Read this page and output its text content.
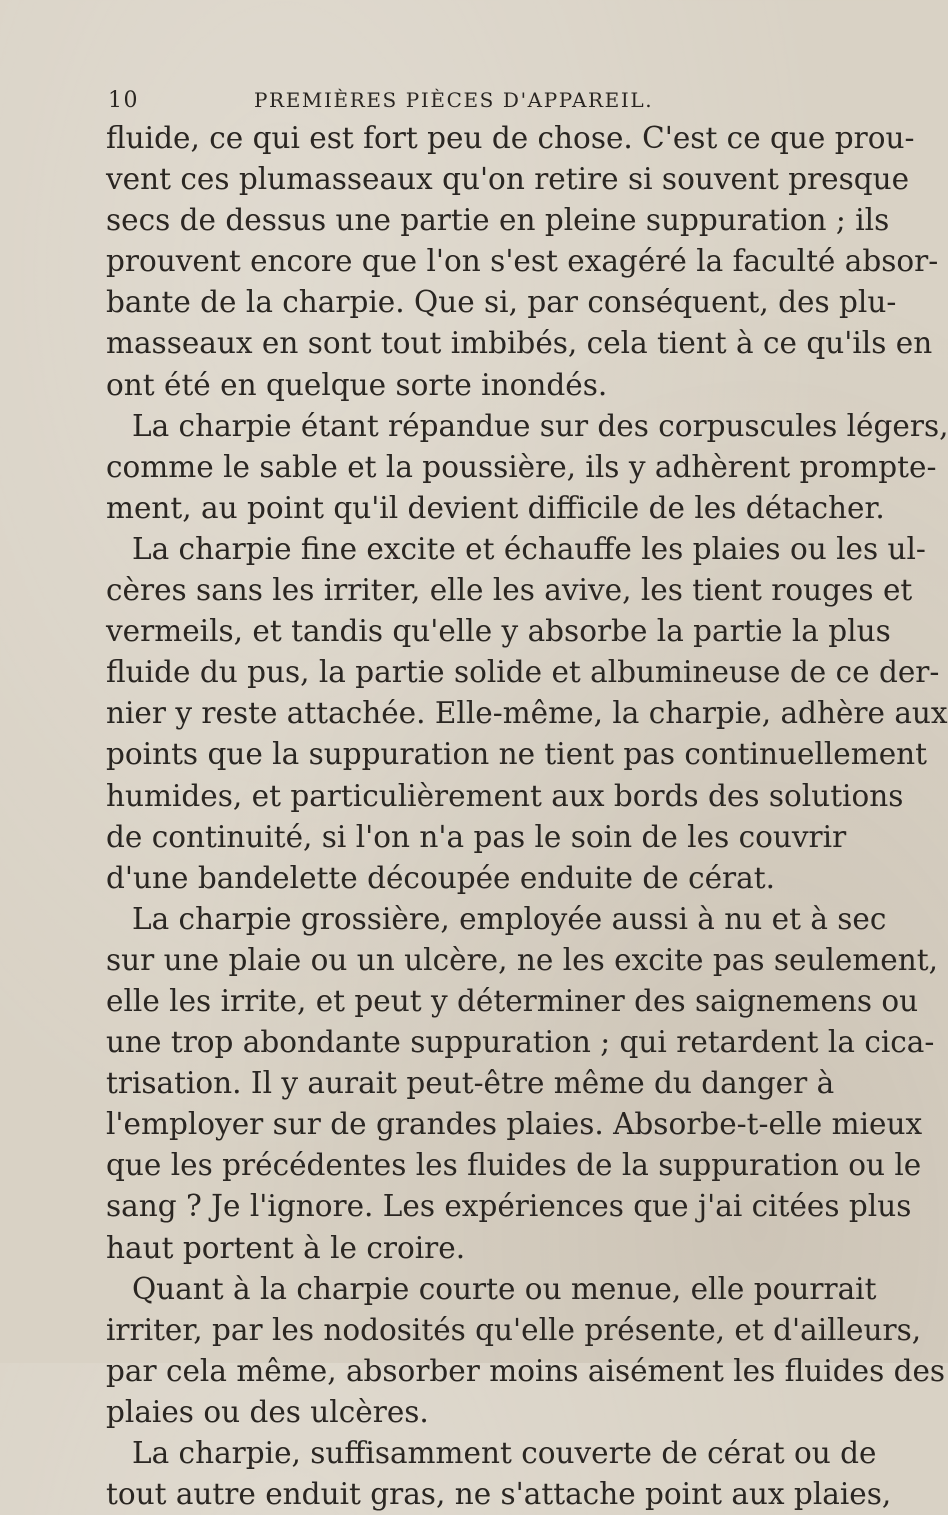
10	PREMIÈRES PIÈCES D'APPAREIL.
fluide, ce qui est fort peu de chose. C'est ce que prou-
vent ces plumasseaux qu'on retire si souvent presque
secs de dessus une partie en pleine suppuration ; ils
prouvent encore que l'on s'est exagéré la faculté absor-
bante de la charpie. Que si, par conséquent, des plu-
masseaux en sont tout imbibés, cela tient à ce qu'ils en
ont été en quelque sorte inondés.
La charpie étant répandue sur des corpuscules légers,
comme le sable et la poussière, ils y adhèrent prompte-
ment, au point qu'il devient difficile de les détacher.
La charpie fine excite et échauffe les plaies ou les ul-
cères sans les irriter, elle les avive, les tient rouges et
vermeils, et tandis qu'elle y absorbe la partie la plus
fluide du pus, la partie solide et albumineuse de ce der-
nier y reste attachée. Elle-même, la charpie, adhère aux
points que la suppuration ne tient pas continuellement
humides, et particulièrement aux bords des solutions
de continuité, si l'on n'a pas le soin de les couvrir
d'une bandelette découpée enduite de cérat.
La charpie grossière, employée aussi à nu et à sec
sur une plaie ou un ulcère, ne les excite pas seulement,
elle les irrite, et peut y déterminer des saignemens ou
une trop abondante suppuration ; qui retardent la cica-
trisation. Il y aurait peut-être même du danger à
l'employer sur de grandes plaies. Absorbe-t-elle mieux
que les précédentes les fluides de la suppuration ou le
sang ? Je l'ignore. Les expériences que j'ai citées plus
haut portent à le croire.
Quant à la charpie courte ou menue, elle pourrait
irriter, par les nodosités qu'elle présente, et d'ailleurs,
par cela même, absorber moins aisément les fluides des
plaies ou des ulcères.
La charpie, suffisamment couverte de cérat ou de
tout autre enduit gras, ne s'attache point aux plaies,
